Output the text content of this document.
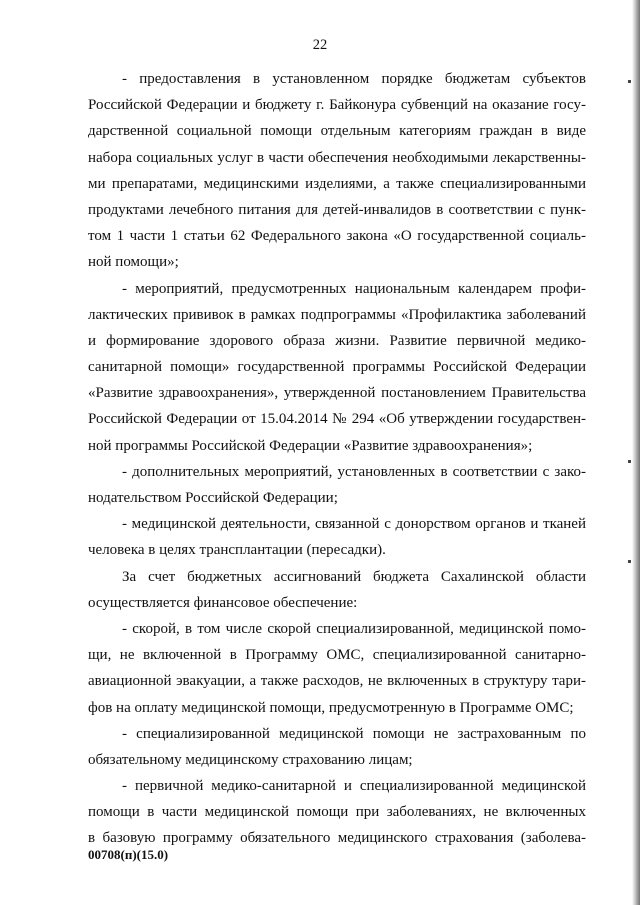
22
- предоставления в установленном порядке бюджетам субъектов
Российской Федерации и бюджету г. Байконура субвенций на оказание госу-
дарственной социальной помощи отдельным категориям граждан в виде
набора социальных услуг в части обеспечения необходимыми лекарственны-
ми препаратами, медицинскими изделиями, а также специализированными
продуктами лечебного питания для детей-инвалидов в соответствии с пунк-
том 1 части 1 статьи 62 Федерального закона «О государственной социаль-
ной помощи»;
- мероприятий, предусмотренных национальным календарем профи-
лактических прививок в рамках подпрограммы «Профилактика заболеваний
и формирование здорового образа жизни. Развитие первичной медико-
санитарной помощи» государственной программы Российской Федерации
«Развитие здравоохранения», утвержденной постановлением Правительства
Российской Федерации от 15.04.2014 № 294 «Об утверждении государствен-
ной программы Российской Федерации «Развитие здравоохранения»;
- дополнительных мероприятий, установленных в соответствии с зако-
нодательством Российской Федерации;
- медицинской деятельности, связанной с донорством органов и тканей
человека в целях трансплантации (пересадки).
За счет бюджетных ассигнований бюджета Сахалинской области
осуществляется финансовое обеспечение:
- скорой, в том числе скорой специализированной, медицинской помо-
щи, не включенной в Программу ОМС, специализированной санитарно-
авиационной эвакуации, а также расходов, не включенных в структуру тари-
фов на оплату медицинской помощи, предусмотренную в Программе ОМС;
- специализированной медицинской помощи не застрахованным по
обязательному медицинскому страхованию лицам;
- первичной медико-санитарной и специализированной медицинской
помощи в части медицинской помощи при заболеваниях, не включенных
в базовую программу обязательного медицинского страхования (заболева-
00708(п)(15.0)
